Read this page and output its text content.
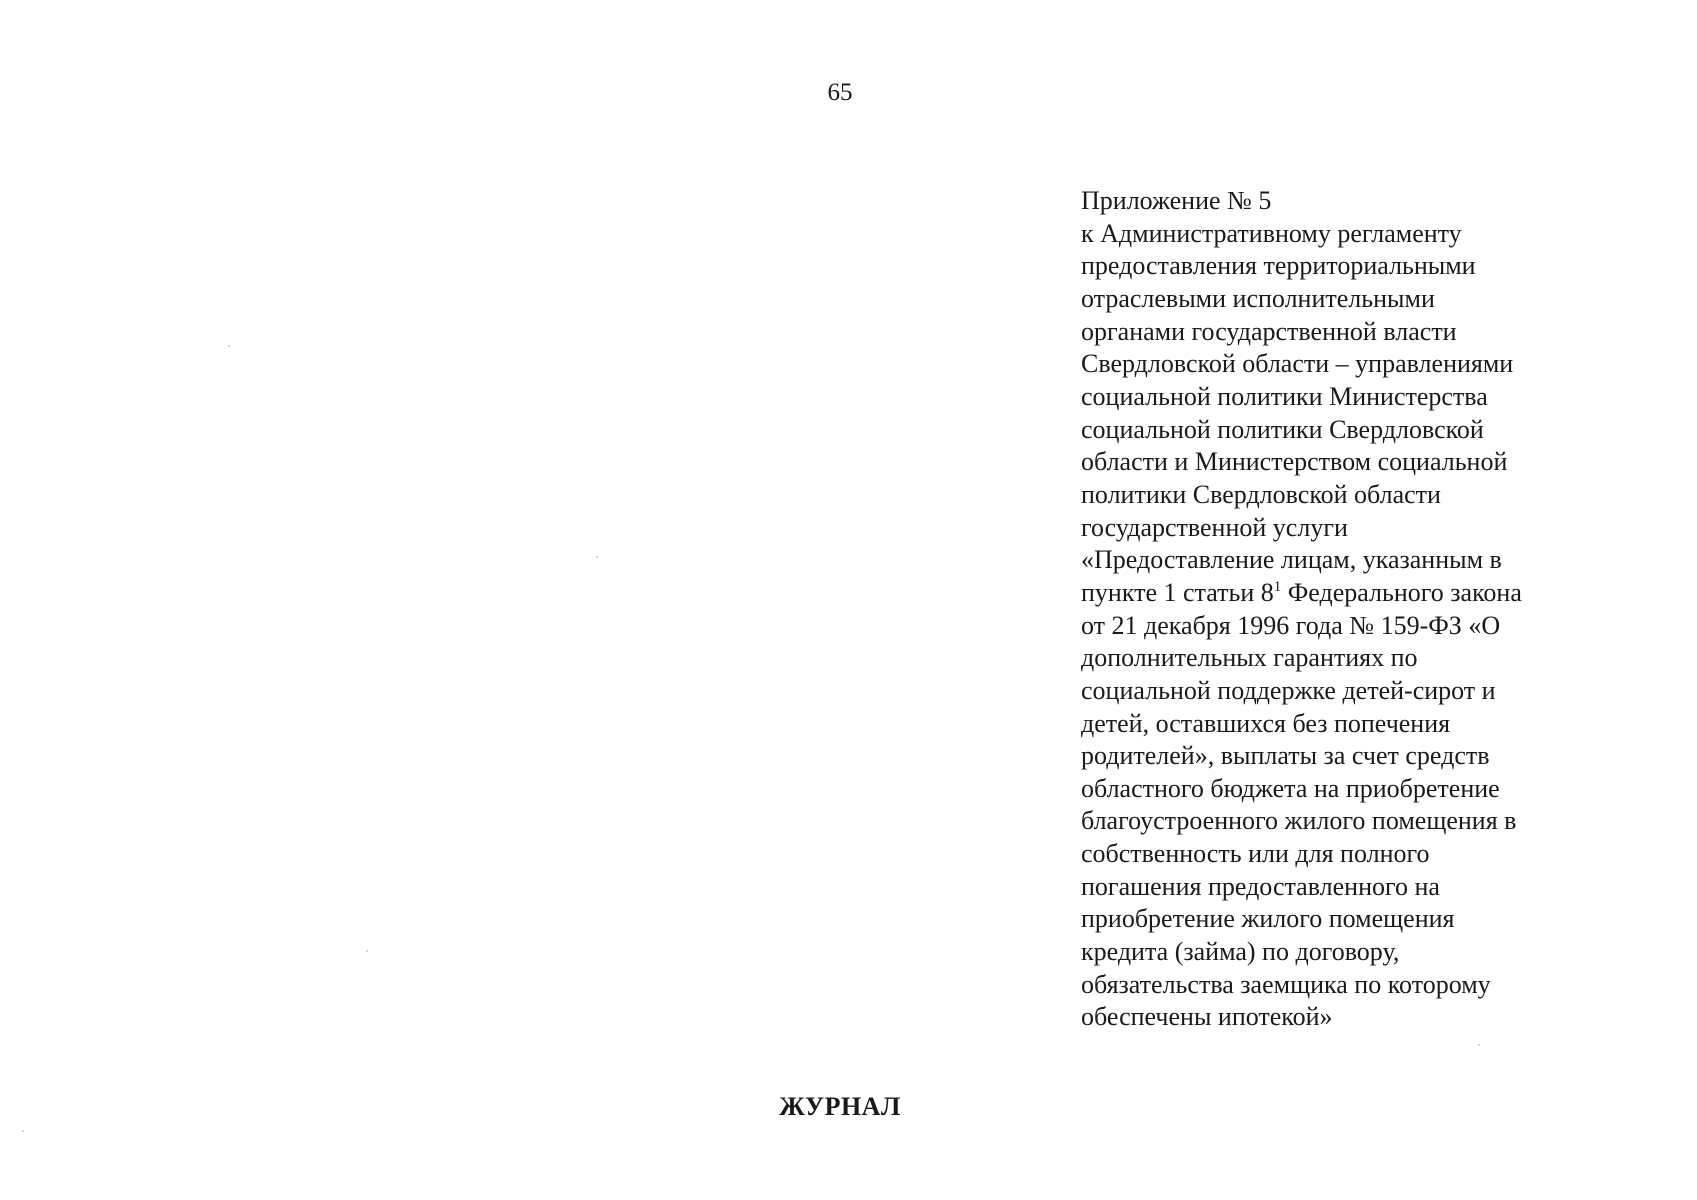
65
Приложение № 5
к Административному регламенту
предоставления территориальными
отраслевыми исполнительными
органами государственной власти
Свердловской области – управлениями
социальной политики Министерства
социальной политики Свердловской
области и Министерством социальной
политики Свердловской области
государственной услуги
«Предоставление лицам, указанным в
пункте 1 статьи $8^1$ Федерального закона
от 21 декабря 1996 года № 159-ФЗ «О
дополнительных гарантиях по
социальной поддержке детей-сирот и
детей, оставшихся без попечения
родителей», выплаты за счет средств
областного бюджета на приобретение
благоустроенного жилого помещения в
собственность или для полного
погашения предоставленного на
приобретение жилого помещения
кредита (займа) по договору,
обязательства заемщика по которому
обеспечены ипотекой»
ЖУРНАЛ
